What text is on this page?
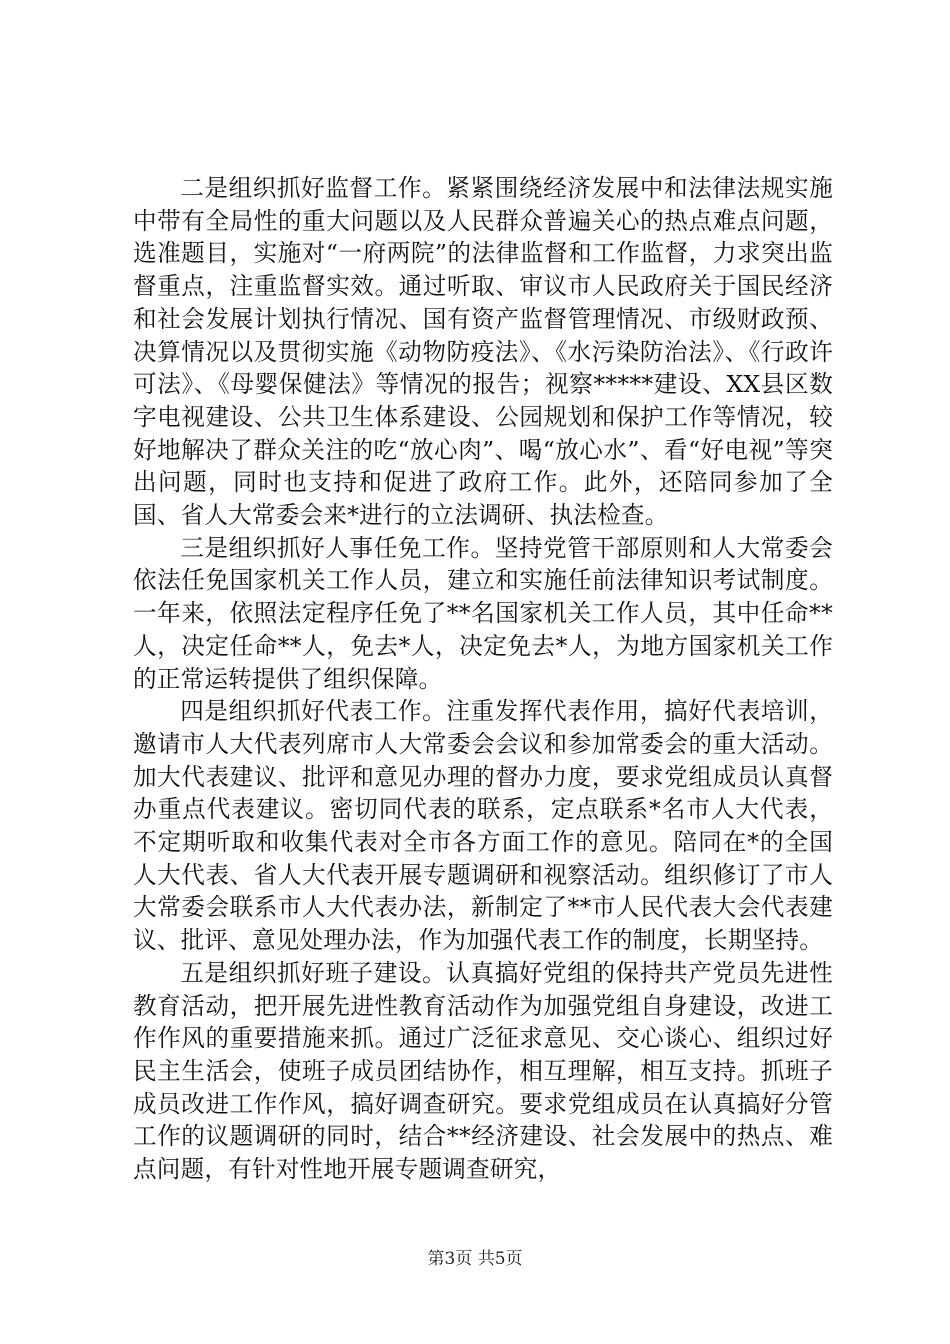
二是组织抓好监督工作。紧紧围绕经济发展中和法律法规实施中带有全局性的重大问题以及人民群众普遍关心的热点难点问题，选准题目，实施对“一府两院”的法律监督和工作监督，力求突出监督重点，注重监督实效。通过听取、审议市人民政府关于国民经济和社会发展计划执行情况、国有资产监督管理情况、市级财政预、决算情况以及贯彻实施《动物防疫法》、《水污染防治法》、《行政许可法》、《母婴保健法》等情况的报告；视察*****建设、XX县区数字电视建设、公共卫生体系建设、公园规划和保护工作等情况，较好地解决了群众关注的吃“放心肉”、喝“放心水”、看“好电视”等突出问题，同时也支持和促进了政府工作。此外，还陪同参加了全国、省人大常委会来*进行的立法调研、执法检查。

三是组织抓好人事任免工作。坚持党管干部原则和人大常委会依法任免国家机关工作人员，建立和实施任前法律知识考试制度。一年来，依照法定程序任免了**名国家机关工作人员，其中任命**人，决定任命**人，免去*人，决定免去*人，为地方国家机关工作的正常运转提供了组织保障。

四是组织抓好代表工作。注重发挥代表作用，搞好代表培训，邀请市人大代表列席市人大常委会会议和参加常委会的重大活动。加大代表建议、批评和意见办理的督办力度，要求党组成员认真督办重点代表建议。密切同代表的联系，定点联系*名市人大代表，不定期听取和收集代表对全市各方面工作的意见。陪同在*的全国人大代表、省人大代表开展专题调研和视察活动。组织修订了市人大常委会联系市人大代表办法，新制定了**市人民代表大会代表建议、批评、意见处理办法，作为加强代表工作的制度，长期坚持。

五是组织抓好班子建设。认真搞好党组的保持共产党员先进性教育活动，把开展先进性教育活动作为加强党组自身建设，改进工作作风的重要措施来抓。通过广泛征求意见、交心谈心、组织过好民主生活会，使班子成员团结协作，相互理解，相互支持。抓班子成员改进工作作风，搞好调查研究。要求党组成员在认真搞好分管工作的议题调研的同时，结合**经济建设、社会发展中的热点、难点问题，有针对性地开展专题调查研究，

第3页 共5页
